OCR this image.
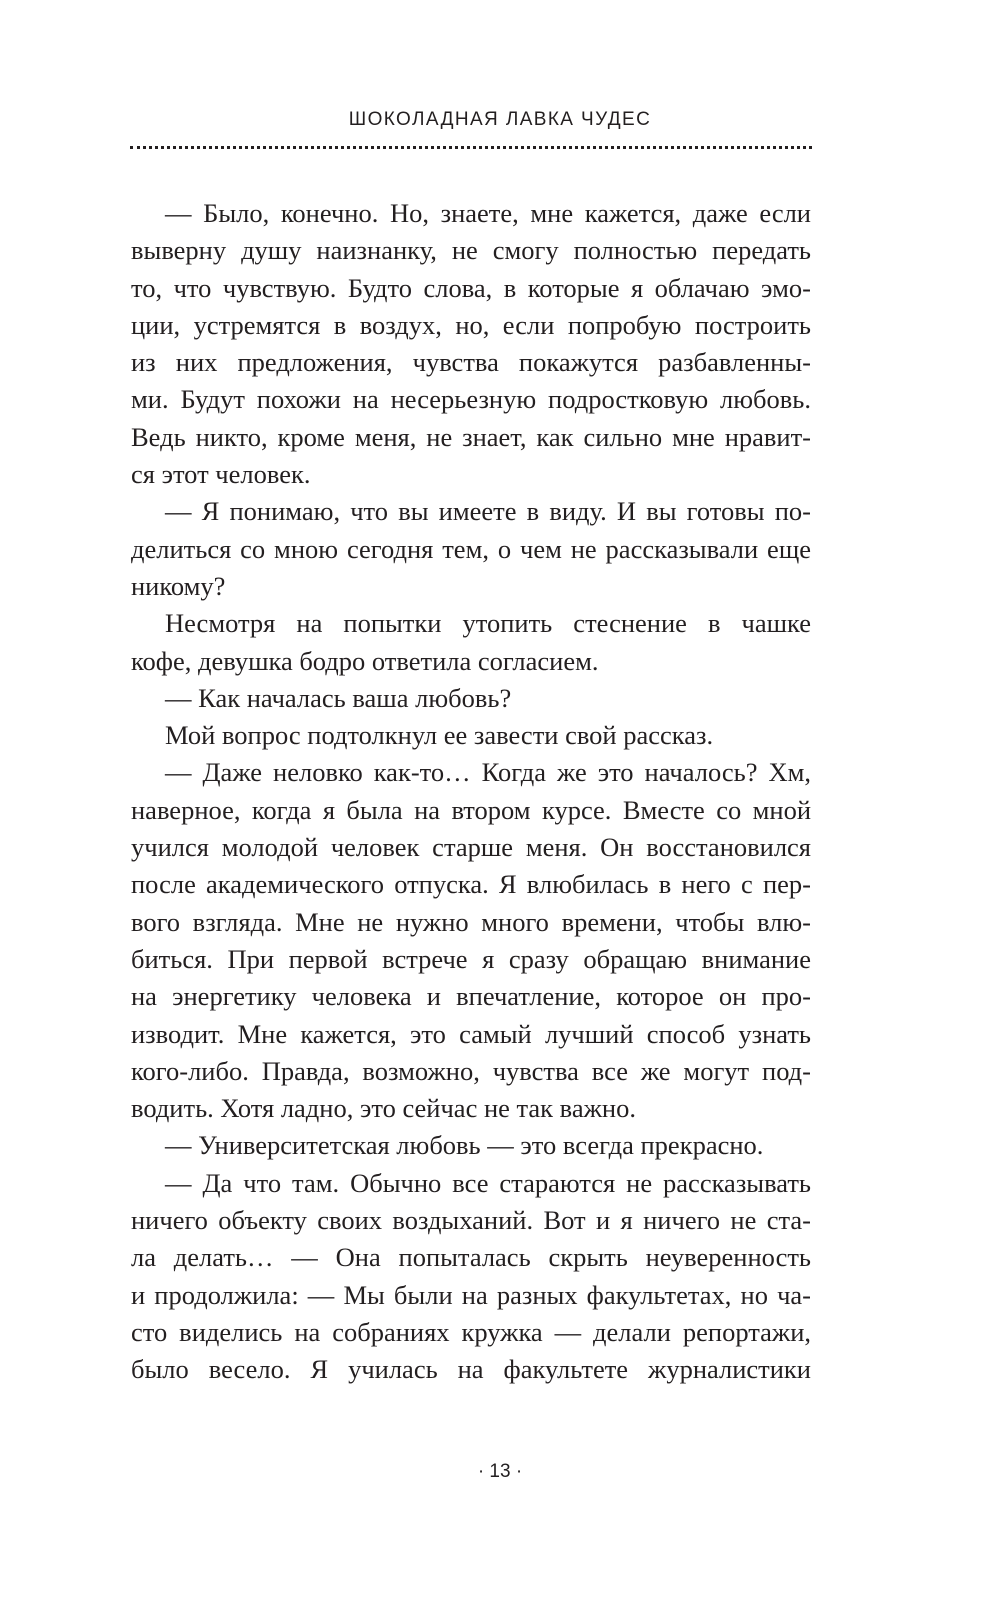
ШОКОЛАДНАЯ ЛАВКА ЧУДЕС
— Было, конечно. Но, знаете, мне кажется, даже если
выверну душу наизнанку, не смогу полностью передать
то, что чувствую. Будто слова, в которые я облачаю эмо-
ции, устремятся в воздух, но, если попробую построить
из них предложения, чувства покажутся разбавленны-
ми. Будут похожи на несерьезную подростковую любовь.
Ведь никто, кроме меня, не знает, как сильно мне нравит-
ся этот человек.
— Я понимаю, что вы имеете в виду. И вы готовы по-
делиться со мною сегодня тем, о чем не рассказывали еще
никому?
Несмотря на попытки утопить стеснение в чашке
кофе, девушка бодро ответила согласием.
— Как началась ваша любовь?
Мой вопрос подтолкнул ее завести свой рассказ.
— Даже неловко как-то… Когда же это началось? Хм,
наверное, когда я была на втором курсе. Вместе со мной
учился молодой человек старше меня. Он восстановился
после академического отпуска. Я влюбилась в него с пер-
вого взгляда. Мне не нужно много времени, чтобы влю-
биться. При первой встрече я сразу обращаю внимание
на энергетику человека и впечатление, которое он про-
изводит. Мне кажется, это самый лучший способ узнать
кого-либо. Правда, возможно, чувства все же могут под-
водить. Хотя ладно, это сейчас не так важно.
— Университетская любовь — это всегда прекрасно.
— Да что там. Обычно все стараются не рассказывать
ничего объекту своих воздыханий. Вот и я ничего не ста-
ла делать… — Она попыталась скрыть неуверенность
и продолжила: — Мы были на разных факультетах, но ча-
сто виделись на собраниях кружка — делали репортажи,
было весело. Я училась на факультете журналистики
· 13 ·
